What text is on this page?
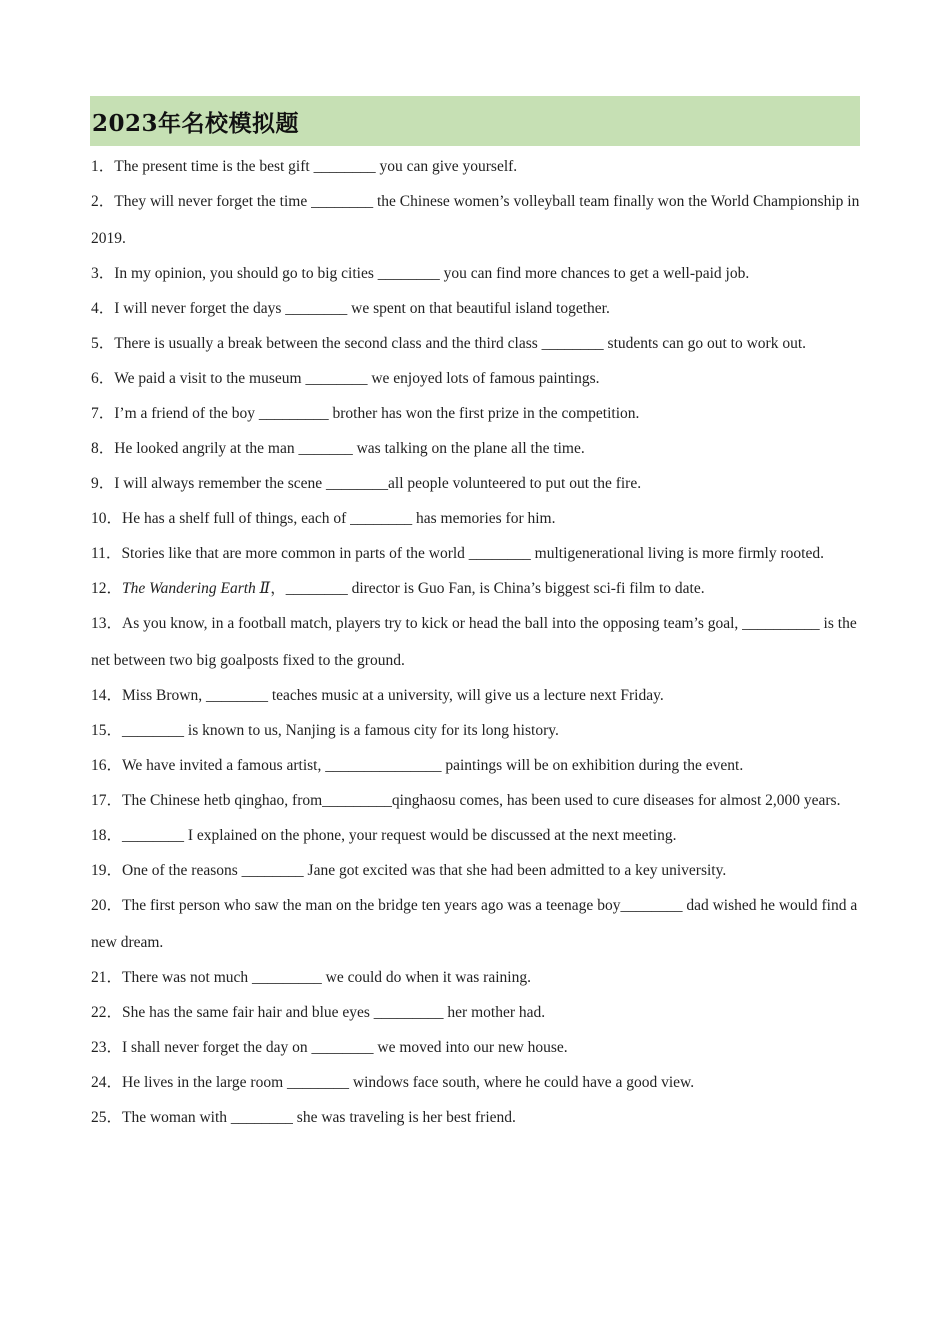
2023年名校模拟题

1．The present time is the best gift ________ you can give yourself.

2．They will never forget the time ________ the Chinese women’s volleyball team finally won the World Championship in 2019.

3．In my opinion, you should go to big cities ________ you can find more chances to get a well-paid job.

4．I will never forget the days ________ we spent on that beautiful island together.

5．There is usually a break between the second class and the third class ________ students can go out to work out.

6．We paid a visit to the museum ________ we enjoyed lots of famous paintings.

7．I’m a friend of the boy _________ brother has won the first prize in the competition.

8．He looked angrily at the man _______ was talking on the plane all the time.

9．I will always remember the scene ________all people volunteered to put out the fire.

10．He has a shelf full of things, each of ________ has memories for him.

11．Stories like that are more common in parts of the world ________ multigenerational living is more firmly rooted.

12．The Wandering Earth Ⅱ，________ director is Guo Fan, is China’s biggest sci-fi film to date.

13．As you know, in a football match, players try to kick or head the ball into the opposing team’s goal, __________ is the net between two big goalposts fixed to the ground.

14．Miss Brown, ________ teaches music at a university, will give us a lecture next Friday.

15．________ is known to us, Nanjing is a famous city for its long history.

16．We have invited a famous artist, _______________ paintings will be on exhibition during the event.

17．The Chinese hetb qinghao, from_________qinghaosu comes, has been used to cure diseases for almost 2,000 years.

18．________ I explained on the phone, your request would be discussed at the next meeting.

19．One of the reasons ________ Jane got excited was that she had been admitted to a key university.

20．The first person who saw the man on the bridge ten years ago was a teenage boy________ dad wished he would find a new dream.

21．There was not much _________ we could do when it was raining.

22．She has the same fair hair and blue eyes _________ her mother had.

23．I shall never forget the day on ________ we moved into our new house.

24．He lives in the large room ________ windows face south, where he could have a good view.

25．The woman with ________ she was traveling is her best friend.
